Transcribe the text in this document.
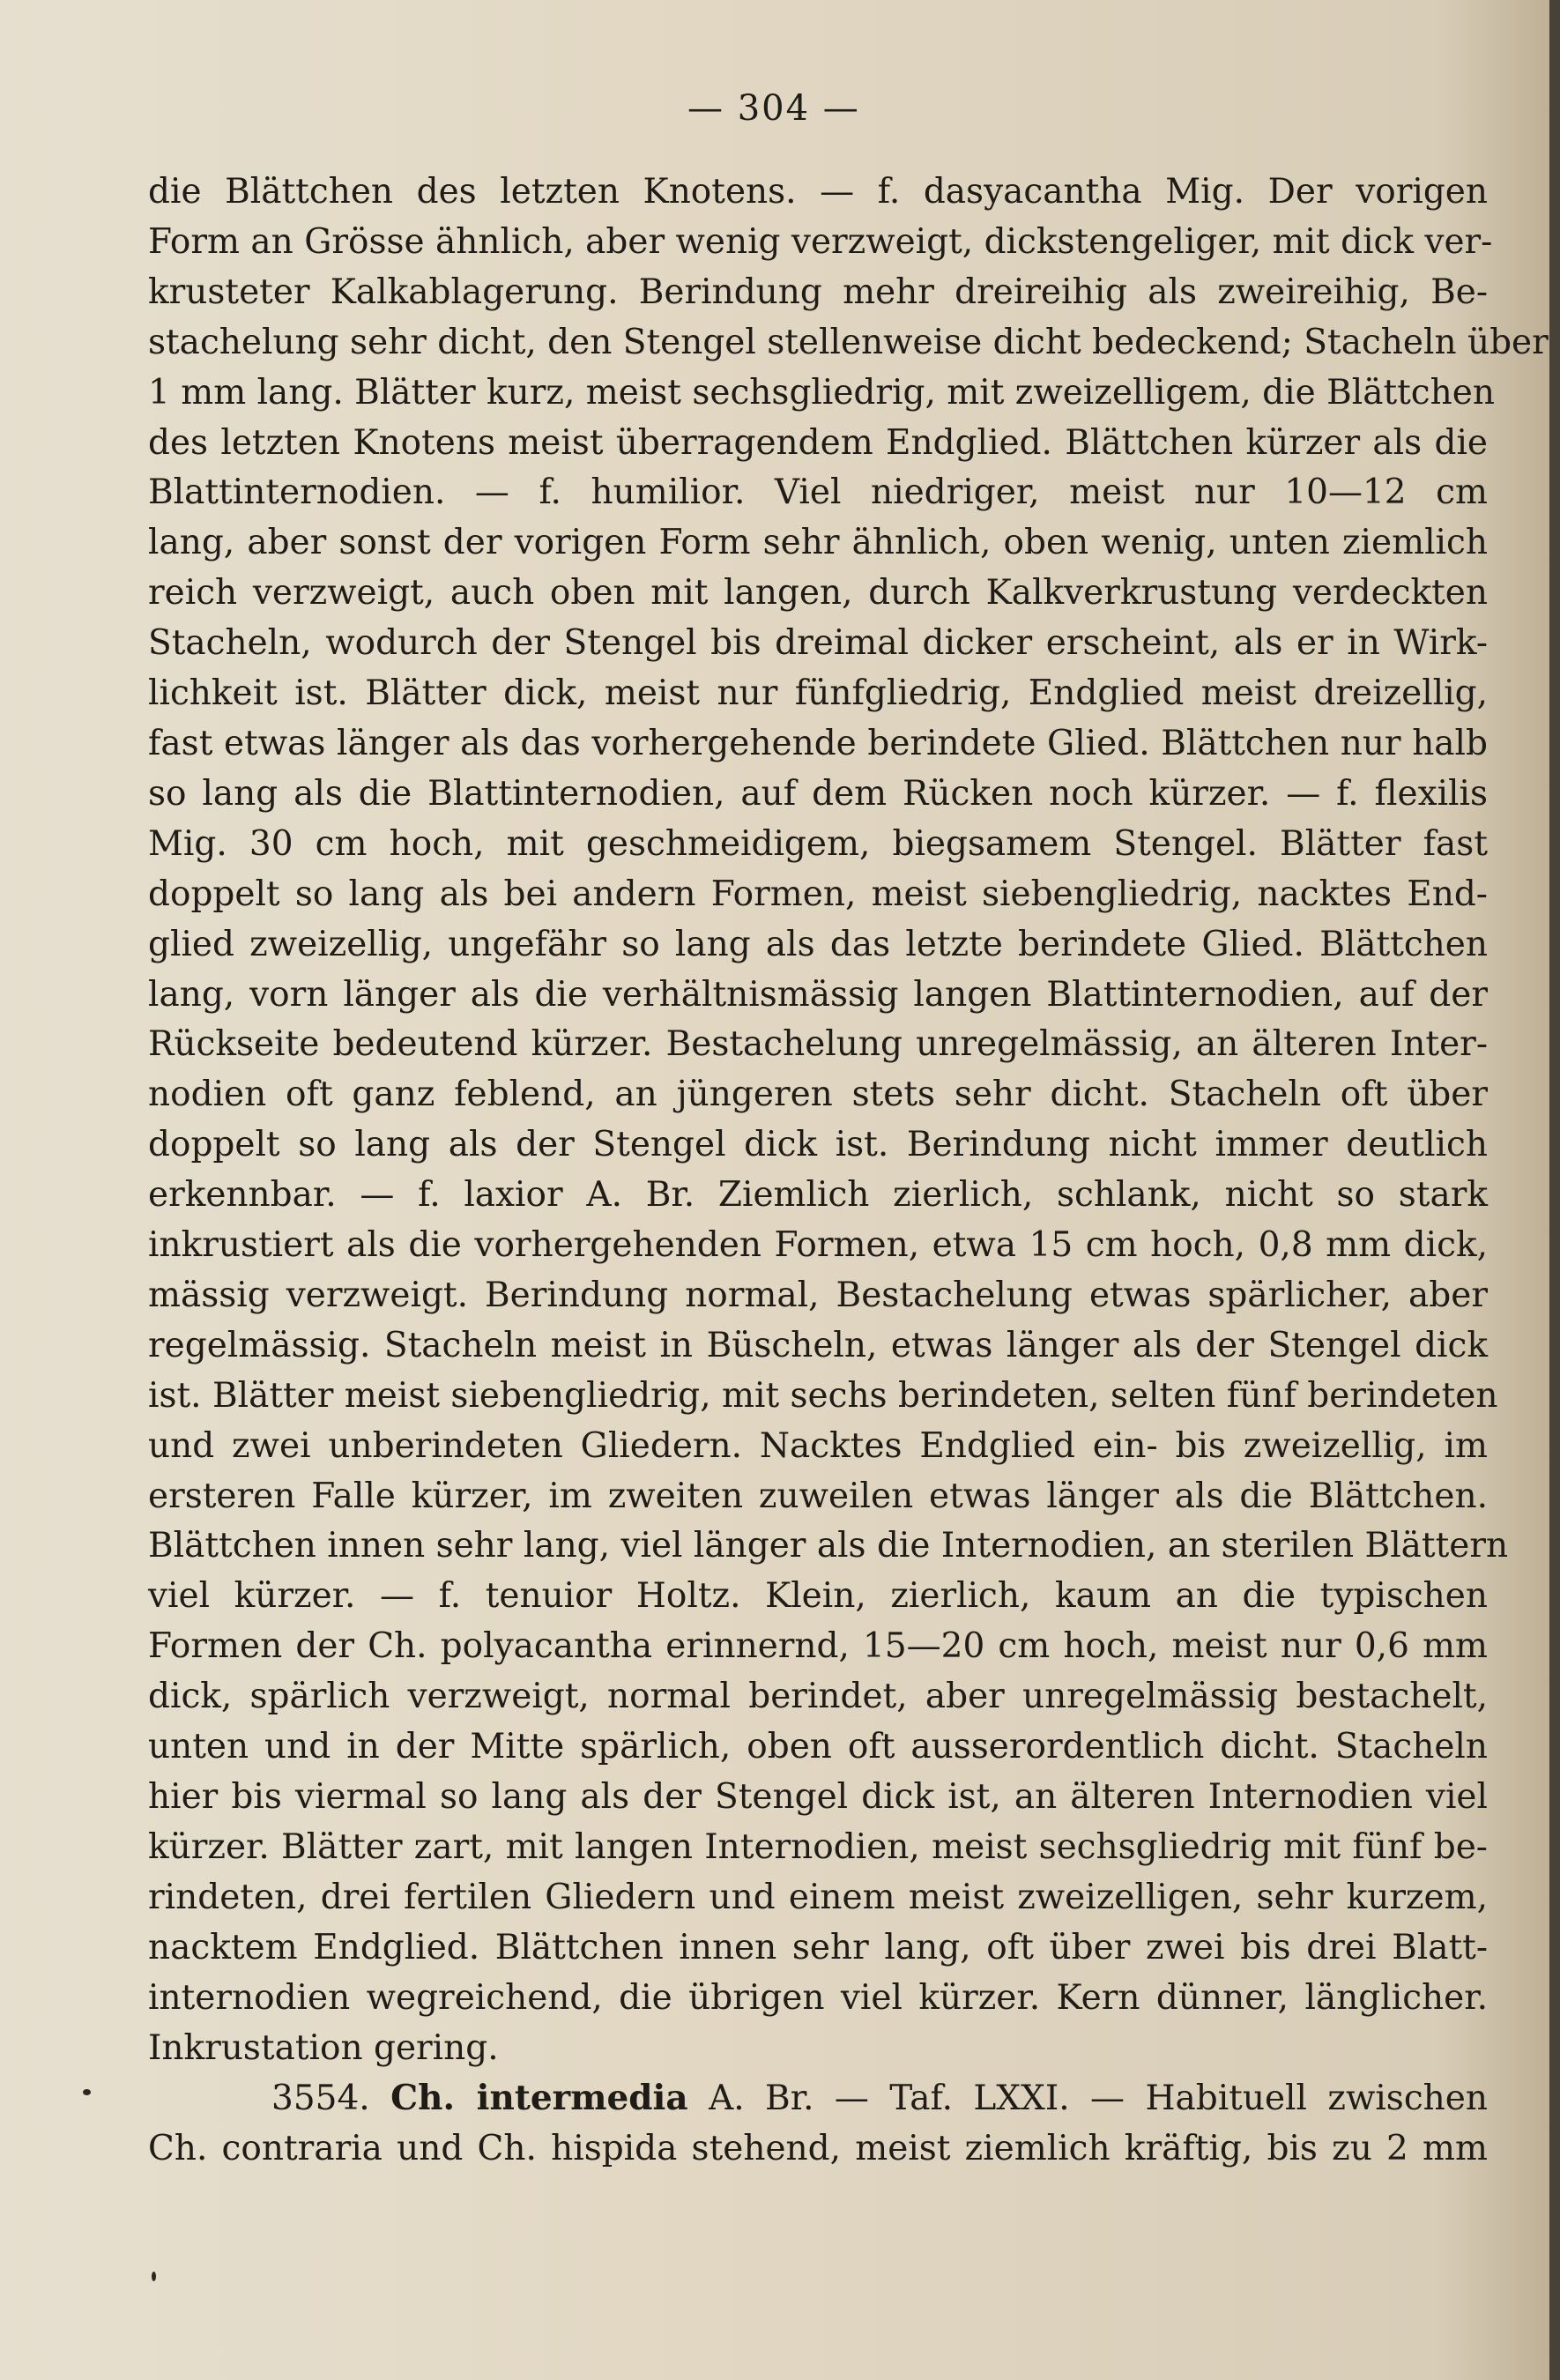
— 304 —
die Blättchen des letzten Knotens. — f. dasyacantha Mig. Der vorigen
Form an Grösse ähnlich, aber wenig verzweigt, dickstengeliger, mit dick ver-
krusteter Kalkablagerung. Berindung mehr dreireihig als zweireihig, Be-
stachelung sehr dicht, den Stengel stellenweise dicht bedeckend; Stacheln über
1 mm lang. Blätter kurz, meist sechsgliedrig, mit zweizelligem, die Blättchen
des letzten Knotens meist überragendem Endglied. Blättchen kürzer als die
Blattinternodien. — f. humilior. Viel niedriger, meist nur 10—12 cm
lang, aber sonst der vorigen Form sehr ähnlich, oben wenig, unten ziemlich
reich verzweigt, auch oben mit langen, durch Kalkverkrustung verdeckten
Stacheln, wodurch der Stengel bis dreimal dicker erscheint, als er in Wirk-
lichkeit ist. Blätter dick, meist nur fünfgliedrig, Endglied meist dreizellig,
fast etwas länger als das vorhergehende berindete Glied. Blättchen nur halb
so lang als die Blattinternodien, auf dem Rücken noch kürzer. — f. flexilis
Mig. 30 cm hoch, mit geschmeidigem, biegsamem Stengel. Blätter fast
doppelt so lang als bei andern Formen, meist siebengliedrig, nacktes End-
glied zweizellig, ungefähr so lang als das letzte berindete Glied. Blättchen
lang, vorn länger als die verhältnismässig langen Blattinternodien, auf der
Rückseite bedeutend kürzer. Bestachelung unregelmässig, an älteren Inter-
nodien oft ganz feblend, an jüngeren stets sehr dicht. Stacheln oft über
doppelt so lang als der Stengel dick ist. Berindung nicht immer deutlich
erkennbar. — f. laxior A. Br. Ziemlich zierlich, schlank, nicht so stark
inkrustiert als die vorhergehenden Formen, etwa 15 cm hoch, 0,8 mm dick,
mässig verzweigt. Berindung normal, Bestachelung etwas spärlicher, aber
regelmässig. Stacheln meist in Büscheln, etwas länger als der Stengel dick
ist. Blätter meist siebengliedrig, mit sechs berindeten, selten fünf berindeten
und zwei unberindeten Gliedern. Nacktes Endglied ein- bis zweizellig, im
ersteren Falle kürzer, im zweiten zuweilen etwas länger als die Blättchen.
Blättchen innen sehr lang, viel länger als die Internodien, an sterilen Blättern
viel kürzer. — f. tenuior Holtz. Klein, zierlich, kaum an die typischen
Formen der Ch. polyacantha erinnernd, 15—20 cm hoch, meist nur 0,6 mm
dick, spärlich verzweigt, normal berindet, aber unregelmässig bestachelt,
unten und in der Mitte spärlich, oben oft ausserordentlich dicht. Stacheln
hier bis viermal so lang als der Stengel dick ist, an älteren Internodien viel
kürzer. Blätter zart, mit langen Internodien, meist sechsgliedrig mit fünf be-
rindeten, drei fertilen Gliedern und einem meist zweizelligen, sehr kurzem,
nacktem Endglied. Blättchen innen sehr lang, oft über zwei bis drei Blatt-
internodien wegreichend, die übrigen viel kürzer. Kern dünner, länglicher.
Inkrustation gering.
3554. Ch. intermedia A. Br. — Taf. LXXI. — Habituell zwischen
Ch. contraria und Ch. hispida stehend, meist ziemlich kräftig, bis zu 2 mm
